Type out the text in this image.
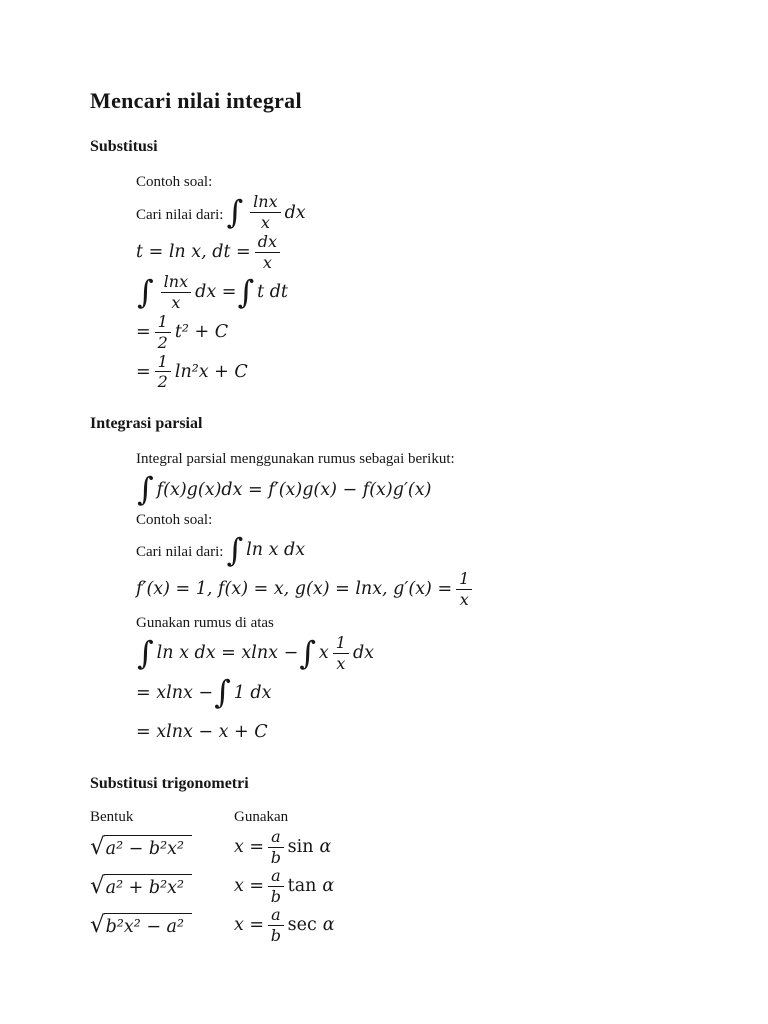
Mencari nilai integral
Substitusi

Contoh soal:

Cari nilai dari: ∫ $\frac{\ln x}{x}$ dx
t = ln x, dt = $\frac{dx}{x}$
∫ $\frac{\ln x}{x}$ dx = ∫ t dt
= $\frac{1}{2} t^2 + C$
= $\frac{1}{2} \ln^2x + C$
Integrasi parsial

Integral parsial menggunakan rumus sebagai berikut:

∫ f(x)g(x)dx = f′(x)g(x) − f(x)g′(x)

Contoh soal:

Cari nilai dari: ∫ ln x dx
f′(x) = 1, f(x) = x, g(x) = lnx, $g'(x) = \frac{1}{x}$

Gunakan rumus di atas

∫ ln x dx = xlnx − ∫ x $\frac{1}{x}$ dx
= xlnx − ∫ 1 dx
= xlnx − x + C
Substitusi trigonometri
Bentuk	Gunakan
√ a² − b²x²	$x = \frac{a}{b}$ sin α
√ a² + b²x²	$x = \frac{a}{b}$ tan α
√ b²x² − a²	$x = \frac{a}{b}$ sec α
